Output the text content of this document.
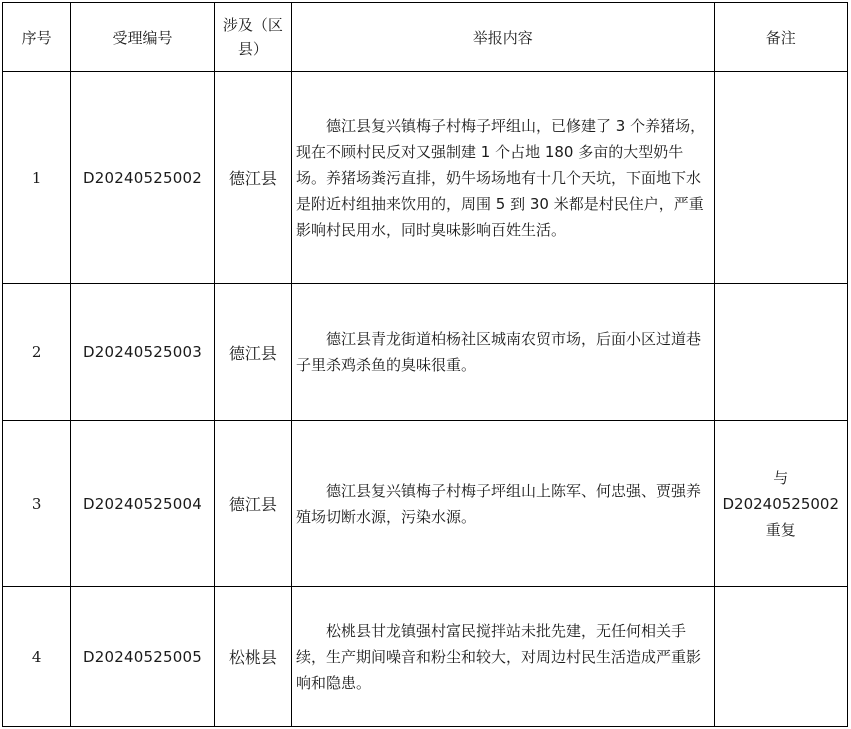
序号	受理编号	涉及（区县）	举报内容	备注
1	D20240525002	德江县	德江县复兴镇梅子村梅子坪组山，已修建了 3 个养猪场，现在不顾村民反对又强制建 1 个占地 180 多亩的大型奶牛场。养猪场粪污直排，奶牛场场地有十几个天坑，下面地下水是附近村组抽来饮用的，周围 5 到 30 米都是村民住户，严重影响村民用水，同时臭味影响百姓生活。	
2	D20240525003	德江县	德江县青龙街道柏杨社区城南农贸市场，后面小区过道巷子里杀鸡杀鱼的臭味很重。	
3	D20240525004	德江县	德江县复兴镇梅子村梅子坪组山上陈军、何忠强、贾强养殖场切断水源，污染水源。	与 D20240525002 重复
4	D20240525005	松桃县	松桃县甘龙镇强村富民搅拌站未批先建，无任何相关手续，生产期间噪音和粉尘和较大，对周边村民生活造成严重影响和隐患。	
